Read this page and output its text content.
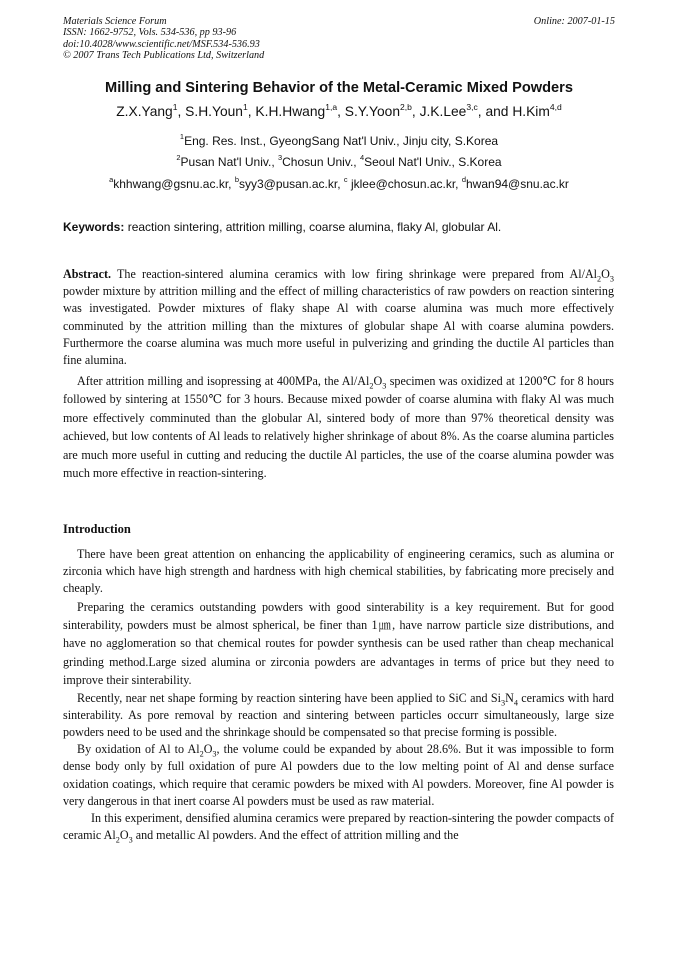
Materials Science Forum
ISSN: 1662-9752, Vols. 534-536, pp 93-96
doi:10.4028/www.scientific.net/MSF.534-536.93
© 2007 Trans Tech Publications Ltd, Switzerland
Online: 2007-01-15
Milling and Sintering Behavior of the Metal-Ceramic Mixed Powders
Z.X.Yang$^1$, S.H.Youn$^1$, K.H.Hwang$^{1,a}$, S.Y.Yoon$^{2,b}$, J.K.Lee$^{3,c}$, and H.Kim$^{4,d}$
$^1$Eng. Res. Inst., GyeongSang Nat'l Univ., Jinju city, S.Korea
$^2$Pusan Nat'l Univ., $^3$Chosun Univ., $^4$Seoul Nat'l Univ., S.Korea
$^a$khhwang@gsnu.ac.kr, $^b$syy3@pusan.ac.kr, $^c$ jklee@chosun.ac.kr, $^d$hwan94@snu.ac.kr
Keywords: reaction sintering, attrition milling, coarse alumina, flaky Al, globular Al.

Abstract. The reaction-sintered alumina ceramics with low firing shrinkage were prepared from $Al/Al_2O_3$ powder mixture by attrition milling and the effect of milling characteristics of raw powders on reaction sintering was investigated. Powder mixtures of flaky shape Al with coarse alumina was much more effectively comminuted by the attrition milling than the mixtures of globular shape Al with coarse alumina powders. Furthermore the coarse alumina was much more useful in pulverizing and grinding the ductile Al particles than fine alumina.

After attrition milling and isopressing at 400MPa, the $Al/Al_2O_3$ specimen was oxidized at 1200℃ for 8 hours followed by sintering at 1550℃ for 3 hours. Because mixed powder of coarse alumina with flaky Al was much more effectively comminuted than the globular Al, sintered body of more than 97% theoretical density was achieved, but low contents of Al leads to relatively higher shrinkage of about 8%. As the coarse alumina particles are much more useful in cutting and reducing the ductile Al particles, the use of the coarse alumina powder was much more effective in reaction-sintering.

Introduction

There have been great attention on enhancing the applicability of engineering ceramics, such as alumina or zirconia which have high strength and hardness with high chemical stabilities, by fabricating more precisely and cheaply.

Preparing the ceramics outstanding powders with good sinterability is a key requirement. But for good sinterability, powders must be almost spherical, be finer than 1㎛, have narrow particle size distributions, and have no agglomeration so that chemical routes for powder synthesis can be used rather than cheap mechanical grinding method.Large sized alumina or zirconia powders are advantages in terms of price but they need to improve their sinterability.

Recently, near net shape forming by reaction sintering have been applied to SiC and $Si_3N_4$ ceramics with hard sinterability. As pore removal by reaction and sintering between particles occurr simultaneously, large size powders need to be used and the shrinkage should be compensated so that precise forming is possible.

By oxidation of Al to $Al_2O_3$, the volume could be expanded by about 28.6%. But it was impossible to form dense body only by full oxidation of pure Al powders due to the low melting point of Al and dense surface oxidation coatings, which require that ceramic powders be mixed with Al powders. Moreover, fine Al powder is very dangerous in that inert coarse Al powders must be used as raw material.

In this experiment, densified alumina ceramics were prepared by reaction-sintering the powder compacts of ceramic $Al_2O_3$ and metallic Al powders. And the effect of attrition milling and the
